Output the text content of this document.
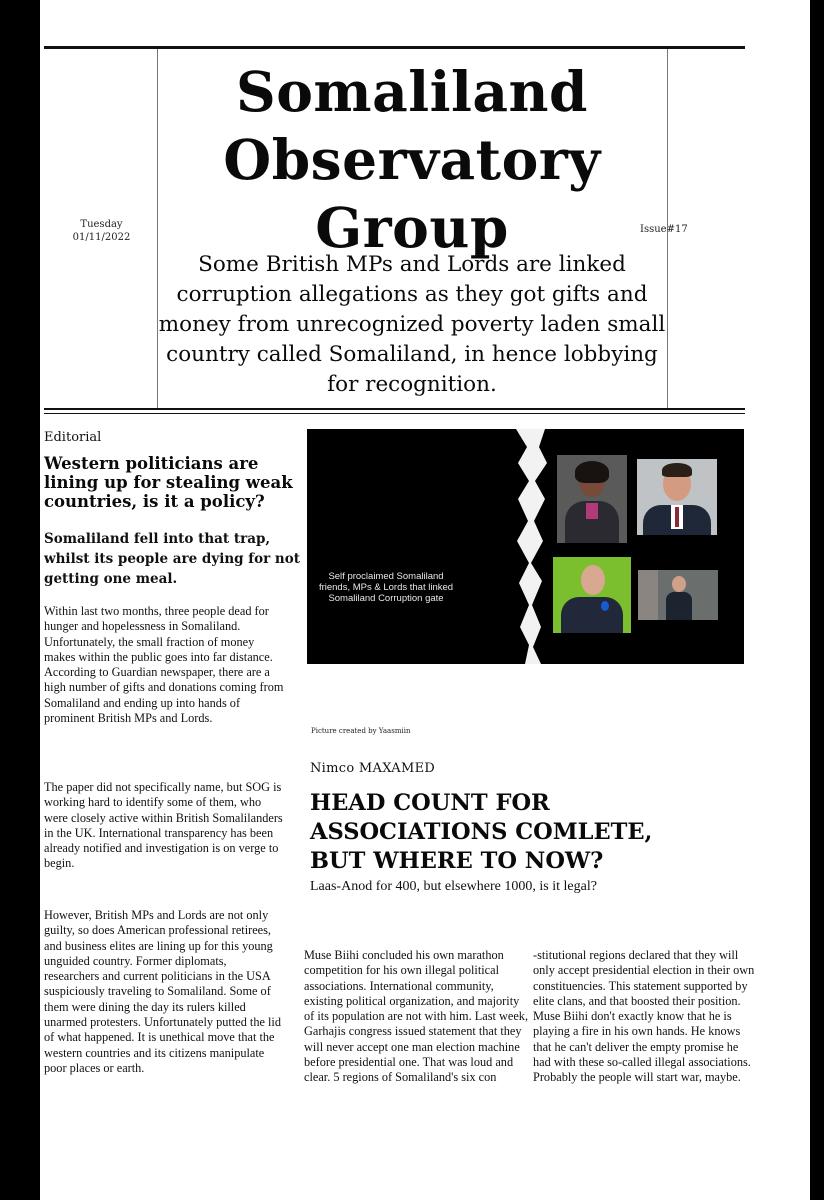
Tuesday
01/11/2022
Issue#17
Somaliland
Observatory
Group
Some British MPs and Lords are linked corruption allegations as they got gifts and money from unrecognized poverty laden small country called Somaliland, in hence lobbying for recognition.
Editorial
Western politicians are lining up for stealing weak countries, is it a policy?
Somaliland fell into that trap, whilst its people are dying for not getting one meal.

Within last two months, three people dead for hunger and hopelessness in Somaliland. Unfortunately, the small fraction of money makes within the public goes into far distance. According to Guardian newspaper, there are a high number of gifts and donations coming from Somaliland and ending up into hands of prominent British MPs and Lords.

The paper did not specifically name, but SOG is working hard to identify some of them, who were closely active within British Somalilanders in the UK. International transparency has been already notified and investigation is on verge to begin.

However, British MPs and Lords are not only guilty, so does American professional retirees, and business elites are lining up for this young unguided country. Former diplomats, researchers and current politicians in the USA suspiciously traveling to Somaliland. Some of them were dining the day its rulers killed unarmed protesters. Unfortunately putted the lid of what happened. It is unethical move that the western countries and its citizens manipulate poor places or earth.

Self proclaimed Somaliland friends, MPs & Lords that linked Somaliland Corruption gate
Picture created by Yaasmiin
Nimco MAXAMED
HEAD COUNT FOR
ASSOCIATIONS COMLETE,
BUT WHERE TO NOW?
Laas-Anod for 400, but elsewhere 1000, is it legal?

Muse Biihi concluded his own marathon competition for his own illegal political associations. International community, existing political organization, and majority of its population are not with him. Last week, Garhajis congress issued statement that they will never accept one man election machine before presidential one. That was loud and clear. 5 regions of Somaliland's six con

-stitutional regions declared that they will only accept presidential election in their own constituencies. This statement supported by elite clans, and that boosted their position. Muse Biihi don't exactly know that he is playing a fire in his own hands. He knows that he can't deliver the empty promise he had with these so-called illegal associations. Probably the people will start war, maybe.
